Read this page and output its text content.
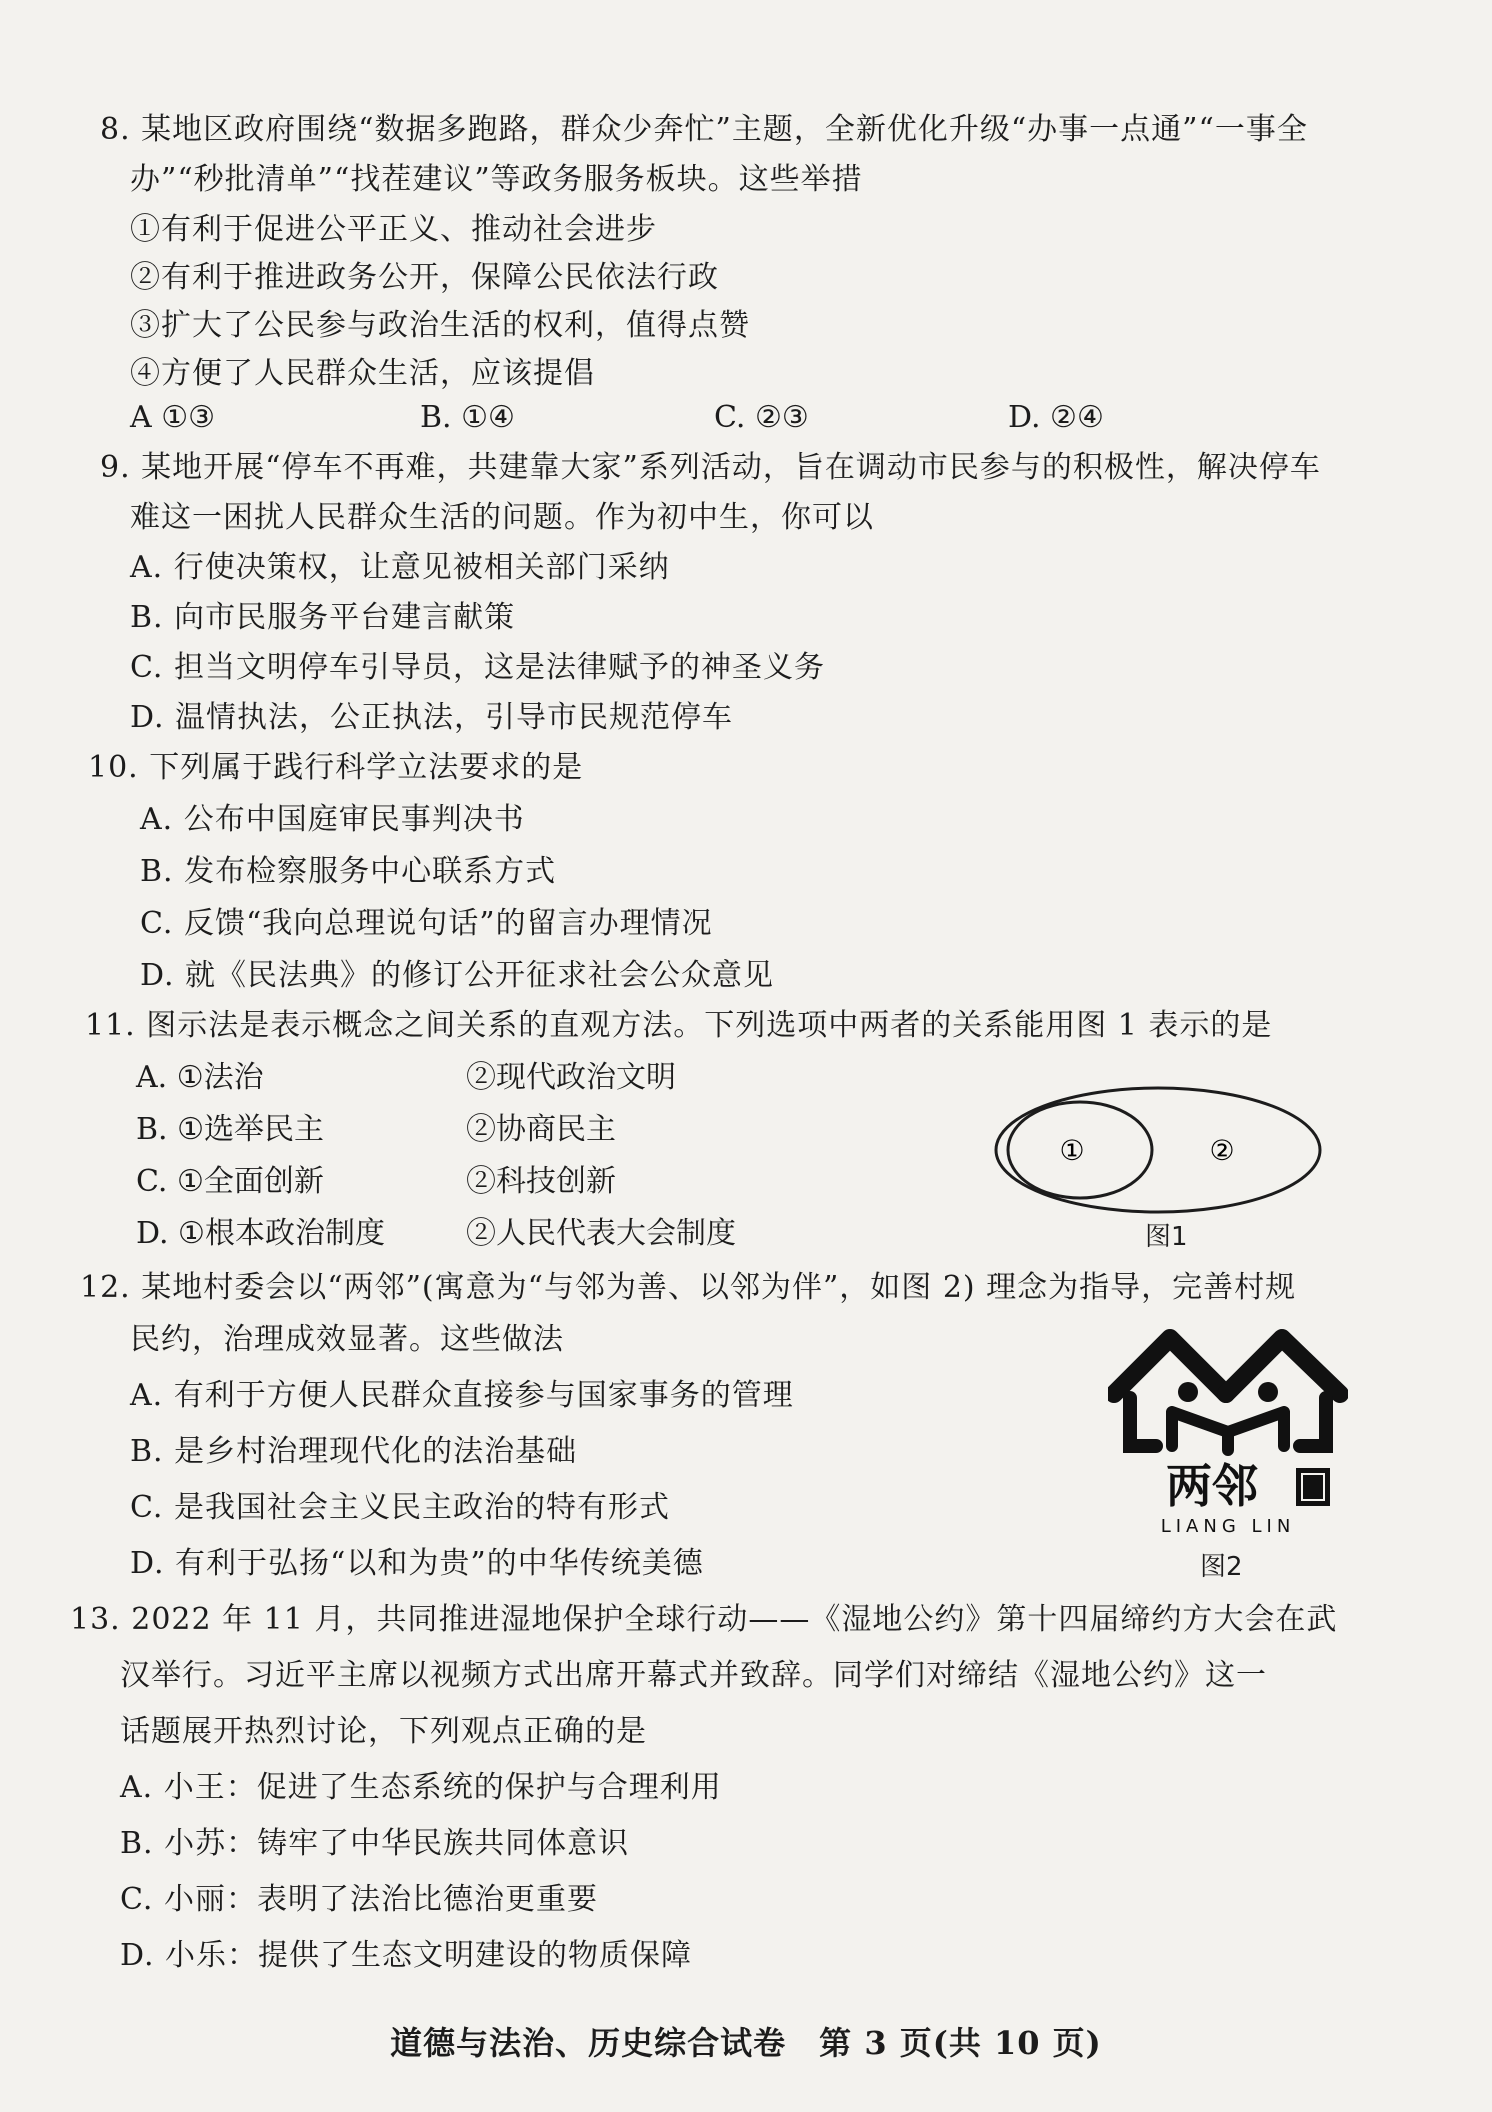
8. 某地区政府围绕“数据多跑路，群众少奔忙”主题，全新优化升级“办事一点通”“一事全
办”“秒批清单”“找茬建议”等政务服务板块。这些举措
①有利于促进公平正义、推动社会进步
②有利于推进政务公开，保障公民依法行政
③扩大了公民参与政治生活的权利，值得点赞
④方便了人民群众生活，应该提倡
A ①③	B. ①④	C. ②③	D. ②④
9. 某地开展“停车不再难，共建靠大家”系列活动，旨在调动市民参与的积极性，解决停车
难这一困扰人民群众生活的问题。作为初中生，你可以
A. 行使决策权，让意见被相关部门采纳
B. 向市民服务平台建言献策
C. 担当文明停车引导员，这是法律赋予的神圣义务
D. 温情执法，公正执法，引导市民规范停车
10. 下列属于践行科学立法要求的是
A. 公布中国庭审民事判决书
B. 发布检察服务中心联系方式
C. 反馈“我向总理说句话”的留言办理情况
D. 就《民法典》的修订公开征求社会公众意见
11. 图示法是表示概念之间关系的直观方法。下列选项中两者的关系能用图 1 表示的是
A. ①法治	②现代政治文明
B. ①选举民主	②协商民主
C. ①全面创新	②科技创新
D. ①根本政治制度	②人民代表大会制度
①	②
图1
12. 某地村委会以“两邻”(寓意为“与邻为善、以邻为伴”，如图 2) 理念为指导，完善村规
民约，治理成效显著。这些做法
A. 有利于方便人民群众直接参与国家事务的管理
B. 是乡村治理现代化的法治基础
C. 是我国社会主义民主政治的特有形式
D. 有利于弘扬“以和为贵”的中华传统美德
两邻
LIANG LIN
图2
13. 2022 年 11 月，共同推进湿地保护全球行动——《湿地公约》第十四届缔约方大会在武
汉举行。习近平主席以视频方式出席开幕式并致辞。同学们对缔结《湿地公约》这一
话题展开热烈讨论，下列观点正确的是
A. 小王：促进了生态系统的保护与合理利用
B. 小苏：铸牢了中华民族共同体意识
C. 小丽：表明了法治比德治更重要
D. 小乐：提供了生态文明建设的物质保障
道德与法治、历史综合试卷　第 3 页(共 10 页)
